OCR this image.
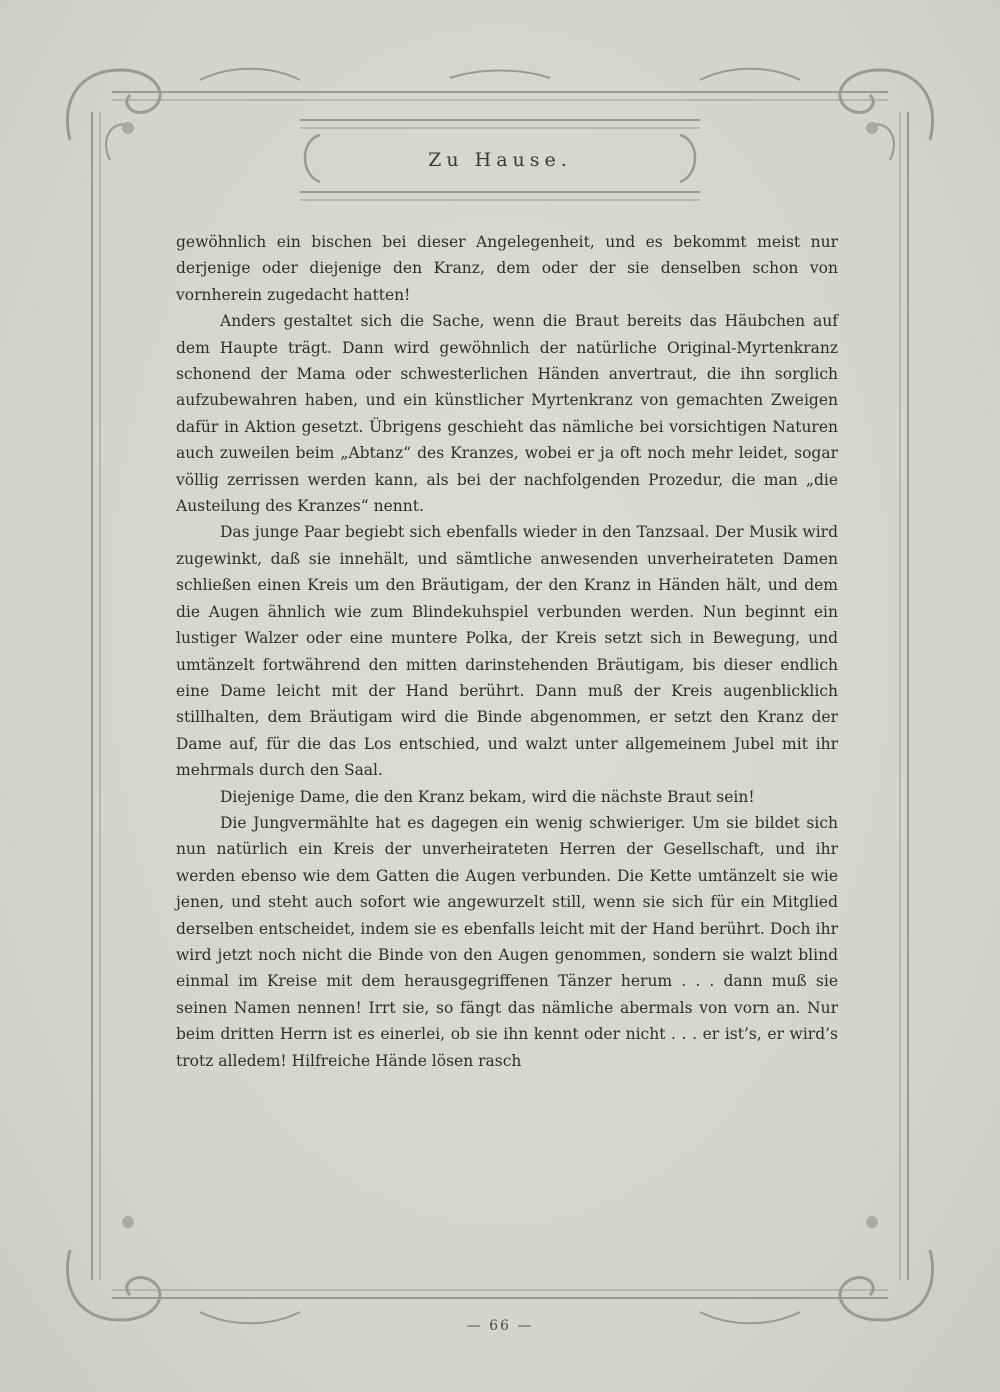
Zu Hause.

gewöhnlich ein bischen bei dieser Angelegenheit, und es bekommt meist nur derjenige oder diejenige den Kranz, dem oder der sie denselben schon von vornherein zugedacht hatten!

Anders gestaltet sich die Sache, wenn die Braut bereits das Häubchen auf dem Haupte trägt. Dann wird gewöhnlich der natürliche Original-Myrtenkranz schonend der Mama oder schwesterlichen Händen anvertraut, die ihn sorglich aufzubewahren haben, und ein künstlicher Myrtenkranz von gemachten Zweigen dafür in Aktion gesetzt. Übrigens geschieht das nämliche bei vorsichtigen Naturen auch zuweilen beim „Abtanz“ des Kranzes, wobei er ja oft noch mehr leidet, sogar völlig zerrissen werden kann, als bei der nachfolgenden Prozedur, die man „die Austeilung des Kranzes“ nennt.

Das junge Paar begiebt sich ebenfalls wieder in den Tanzsaal. Der Musik wird zugewinkt, daß sie innehält, und sämtliche anwesenden unverheirateten Damen schließen einen Kreis um den Bräutigam, der den Kranz in Händen hält, und dem die Augen ähnlich wie zum Blindekuhspiel verbunden werden. Nun beginnt ein lustiger Walzer oder eine muntere Polka, der Kreis setzt sich in Bewegung, und umtänzelt fortwährend den mitten darinstehenden Bräutigam, bis dieser endlich eine Dame leicht mit der Hand berührt. Dann muß der Kreis augenblicklich stillhalten, dem Bräutigam wird die Binde abgenommen, er setzt den Kranz der Dame auf, für die das Los entschied, und walzt unter allgemeinem Jubel mit ihr mehrmals durch den Saal.

Diejenige Dame, die den Kranz bekam, wird die nächste Braut sein!

Die Jungvermählte hat es dagegen ein wenig schwieriger. Um sie bildet sich nun natürlich ein Kreis der unverheirateten Herren der Gesellschaft, und ihr werden ebenso wie dem Gatten die Augen verbunden. Die Kette umtänzelt sie wie jenen, und steht auch sofort wie angewurzelt still, wenn sie sich für ein Mitglied derselben entscheidet, indem sie es ebenfalls leicht mit der Hand berührt. Doch ihr wird jetzt noch nicht die Binde von den Augen genommen, sondern sie walzt blind einmal im Kreise mit dem herausgegriffenen Tänzer herum . . . dann muß sie seinen Namen nennen! Irrt sie, so fängt das nämliche abermals von vorn an. Nur beim dritten Herrn ist es einerlei, ob sie ihn kennt oder nicht . . . er ist’s, er wird’s trotz alledem! Hilfreiche Hände lösen rasch

— 66 —
